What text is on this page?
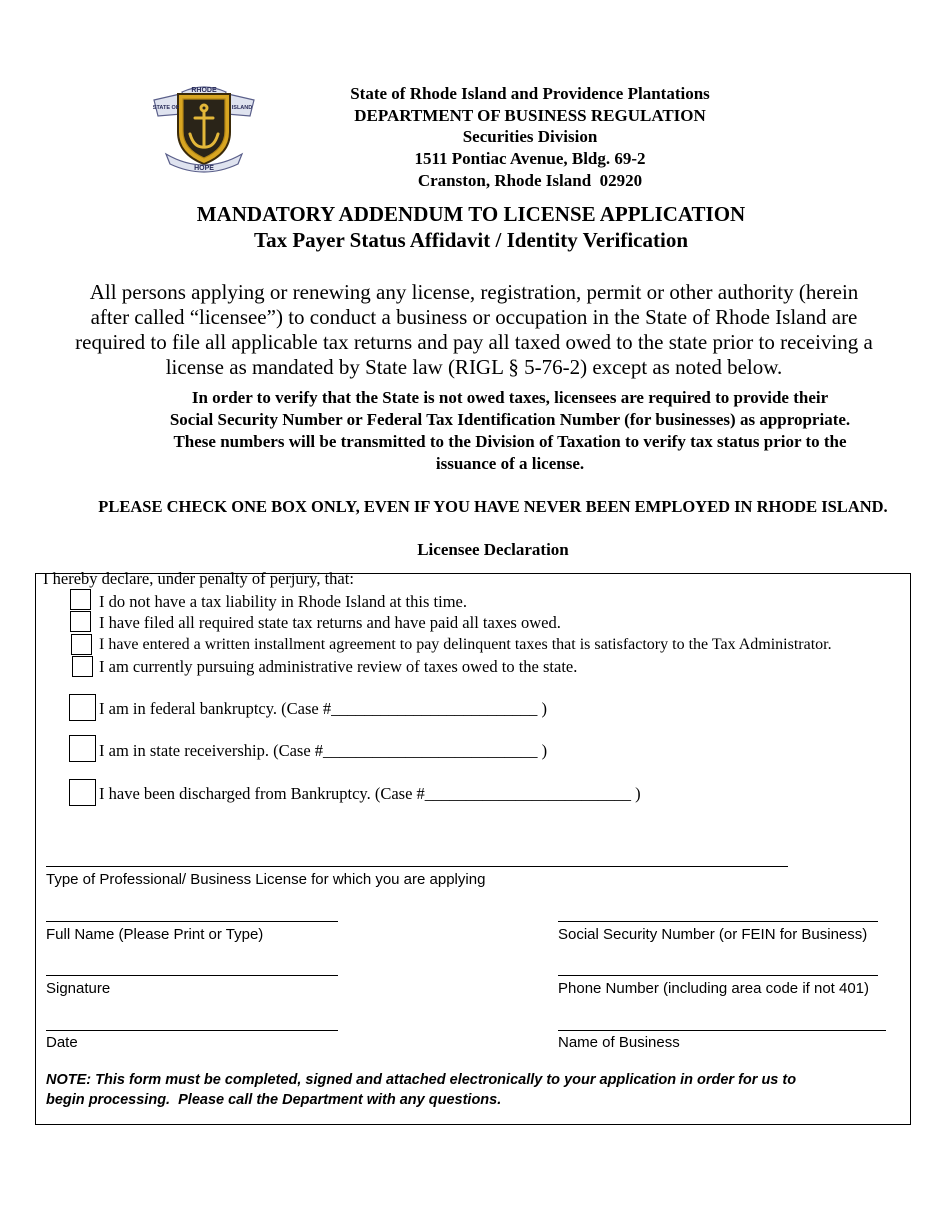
RHODE
STATE OF	ISLAND
HOPE
State of Rhode Island and Providence Plantations
DEPARTMENT OF BUSINESS REGULATION
Securities Division
1511 Pontiac Avenue, Bldg. 69-2
Cranston, Rhode Island  02920
MANDATORY ADDENDUM TO LICENSE APPLICATION
Tax Payer Status Affidavit / Identity Verification
All persons applying or renewing any license, registration, permit or other authority (herein
after called “licensee”) to conduct a business or occupation in the State of Rhode Island are
required to file all applicable tax returns and pay all taxed owed to the state prior to receiving a
license as mandated by State law (RIGL § 5-76-2) except as noted below.
In order to verify that the State is not owed taxes, licensees are required to provide their
Social Security Number or Federal Tax Identification Number (for businesses) as appropriate.
These numbers will be transmitted to the Division of Taxation to verify tax status prior to the
issuance of a license.
PLEASE CHECK ONE BOX ONLY, EVEN IF YOU HAVE NEVER BEEN EMPLOYED IN RHODE ISLAND.
Licensee Declaration
I hereby declare, under penalty of perjury, that:
I do not have a tax liability in Rhode Island at this time.
I have filed all required state tax returns and have paid all taxes owed.
I have entered a written installment agreement to pay delinquent taxes that is satisfactory to the Tax Administrator.
I am currently pursuing administrative review of taxes owed to the state.
I am in federal bankruptcy. (Case #_________________________ )
I am in state receivership. (Case #__________________________ )
I have been discharged from Bankruptcy. (Case #_________________________ )
Type of Professional/ Business License for which you are applying
Full Name (Please Print or Type)	Social Security Number (or FEIN for Business)
Signature	Phone Number (including area code if not 401)
Date	Name of Business
NOTE: This form must be completed, signed and attached electronically to your application in order for us to
begin processing.  Please call the Department with any questions.
